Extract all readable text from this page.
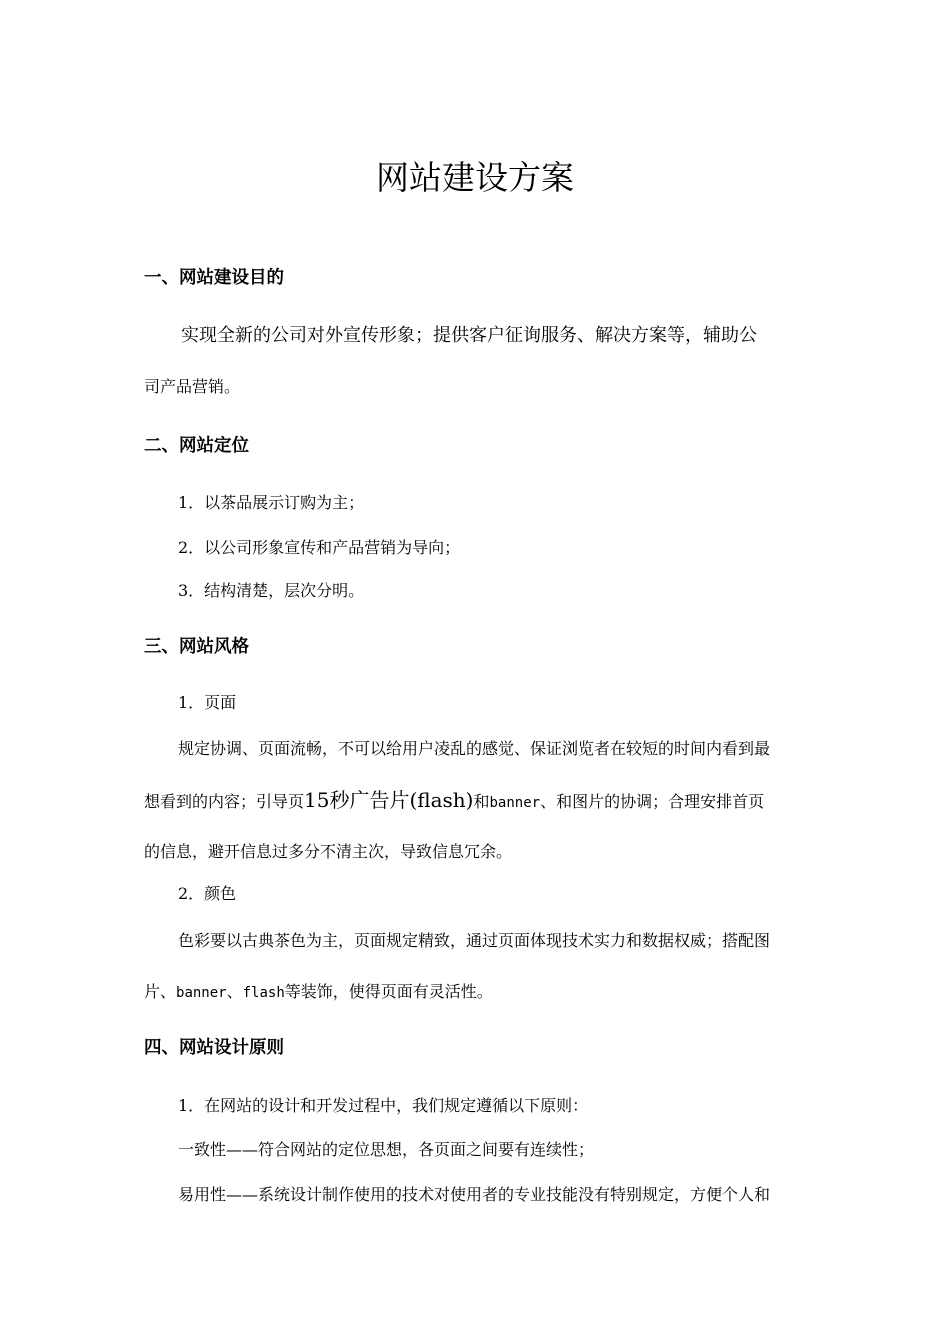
网站建设方案
一、网站建设目的
实现全新的公司对外宣传形象；提供客户征询服务、解决方案等，辅助公
司产品营销。
二、网站定位
1．以茶品展示订购为主；
2．以公司形象宣传和产品营销为导向；
3．结构清楚，层次分明。
三、网站风格
1．页面
规定协调、页面流畅，不可以给用户凌乱的感觉、保证浏览者在较短的时间内看到最
想看到的内容；引导页15秒广告片(flash)和banner、和图片的协调；合理安排首页
的信息，避开信息过多分不清主次，导致信息冗余。
2．颜色
色彩要以古典茶色为主，页面规定精致，通过页面体现技术实力和数据权威；搭配图
片、banner、flash等装饰，使得页面有灵活性。
四、网站设计原则
1．在网站的设计和开发过程中，我们规定遵循以下原则：
一致性——符合网站的定位思想，各页面之间要有连续性；
易用性——系统设计制作使用的技术对使用者的专业技能没有特别规定，方便个人和
